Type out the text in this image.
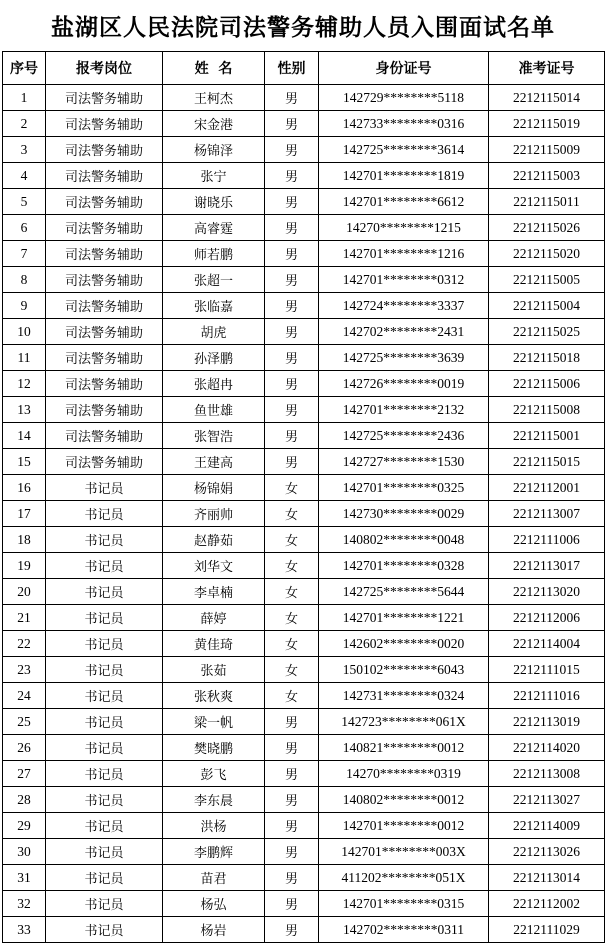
盐湖区人民法院司法警务辅助人员入围面试名单
序号	报考岗位	姓  名	性别	身份证号	准考证号
1	司法警务辅助	王柯杰	男	142729********5118	2212115014
2	司法警务辅助	宋金港	男	142733********0316	2212115019
3	司法警务辅助	杨锦泽	男	142725********3614	2212115009
4	司法警务辅助	张宁	男	142701********1819	2212115003
5	司法警务辅助	谢晓乐	男	142701********6612	2212115011
6	司法警务辅助	高睿霆	男	14270********1215	2212115026
7	司法警务辅助	师若鹏	男	142701********1216	2212115020
8	司法警务辅助	张超一	男	142701********0312	2212115005
9	司法警务辅助	张临嘉	男	142724********3337	2212115004
10	司法警务辅助	胡虎	男	142702********2431	2212115025
11	司法警务辅助	孙泽鹏	男	142725********3639	2212115018
12	司法警务辅助	张超冉	男	142726********0019	2212115006
13	司法警务辅助	鱼世雄	男	142701********2132	2212115008
14	司法警务辅助	张智浩	男	142725********2436	2212115001
15	司法警务辅助	王建高	男	142727********1530	2212115015
16	书记员	杨锦娟	女	142701********0325	2212112001
17	书记员	齐丽帅	女	142730********0029	2212113007
18	书记员	赵静茹	女	140802********0048	2212111006
19	书记员	刘华文	女	142701********0328	2212113017
20	书记员	李卓楠	女	142725********5644	2212113020
21	书记员	薛婷	女	142701********1221	2212112006
22	书记员	黄佳琦	女	142602********0020	2212114004
23	书记员	张茹	女	150102********6043	2212111015
24	书记员	张秋爽	女	142731********0324	2212111016
25	书记员	梁一帆	男	142723********061X	2212113019
26	书记员	樊晓鹏	男	140821********0012	2212114020
27	书记员	彭飞	男	14270********0319	2212113008
28	书记员	李东晨	男	140802********0012	2212113027
29	书记员	洪杨	男	142701********0012	2212114009
30	书记员	李鹏辉	男	142701********003X	2212113026
31	书记员	苗君	男	411202********051X	2212113014
32	书记员	杨弘	男	142701********0315	2212112002
33	书记员	杨岩	男	142702********0311	2212111029
